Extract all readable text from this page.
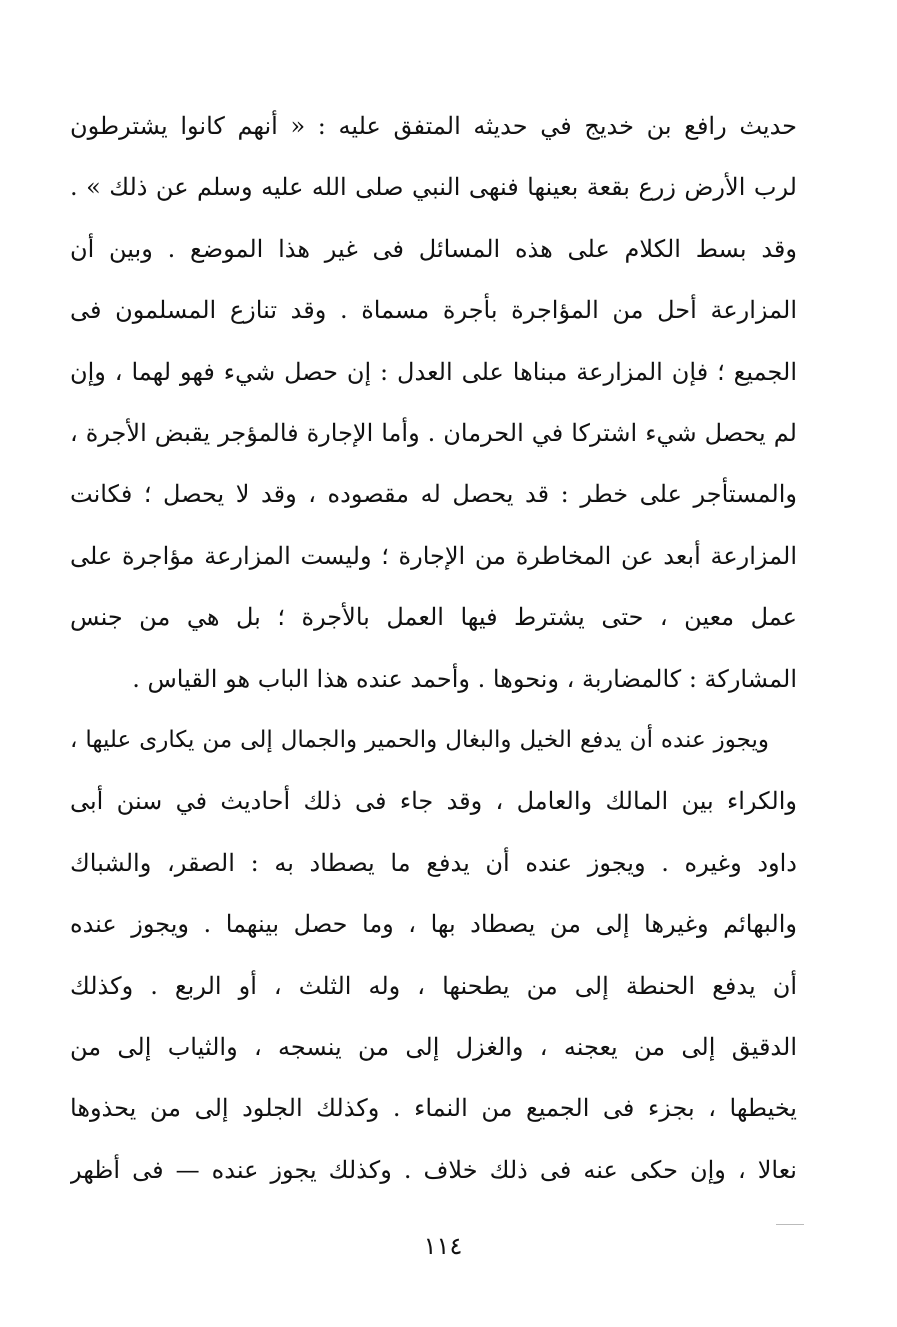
حديث رافع بن خديج في حديثه المتفق عليه : « أنهم كانوا يشترطون
لرب الأرض زرع بقعة بعينها فنهى النبي صلى الله عليه وسلم عن ذلك » .
وقد بسط الكلام على هذه المسائل فى غير هذا الموضع . وبين أن
المزارعة أحل من المؤاجرة بأجرة مسماة . وقد تنازع المسلمون فى
الجميع ؛ فإن المزارعة مبناها على العدل : إن حصل شيء فهو لهما ، وإن
لم يحصل شيء اشتركا في الحرمان . وأما الإجارة فالمؤجر يقبض الأجرة ،
والمستأجر على خطر : قد يحصل له مقصوده ، وقد لا يحصل ؛ فكانت
المزارعة أبعد عن المخاطرة من الإجارة ؛ وليست المزارعة مؤاجرة على
عمل معين ، حتى يشترط فيها العمل بالأجرة ؛ بل هي من جنس
المشاركة : كالمضاربة ، ونحوها . وأحمد عنده هذا الباب هو القياس .
ويجوز عنده أن يدفع الخيل والبغال والحمير والجمال إلى من يكارى عليها ،
والكراء بين المالك والعامل ، وقد جاء فى ذلك أحاديث في سنن أبى
داود وغيره . ويجوز عنده أن يدفع ما يصطاد به : الصقر، والشباك
والبهائم وغيرها إلى من يصطاد بها ، وما حصل بينهما . ويجوز عنده
أن يدفع الحنطة إلى من يطحنها ، وله الثلث ، أو الربع . وكذلك
الدقيق إلى من يعجنه ، والغزل إلى من ينسجه ، والثياب إلى من
يخيطها ، بجزء فى الجميع من النماء . وكذلك الجلود إلى من يحذوها
نعالا ، وإن حكى عنه فى ذلك خلاف . وكذلك يجوز عنده — فى أظهر
١١٤
